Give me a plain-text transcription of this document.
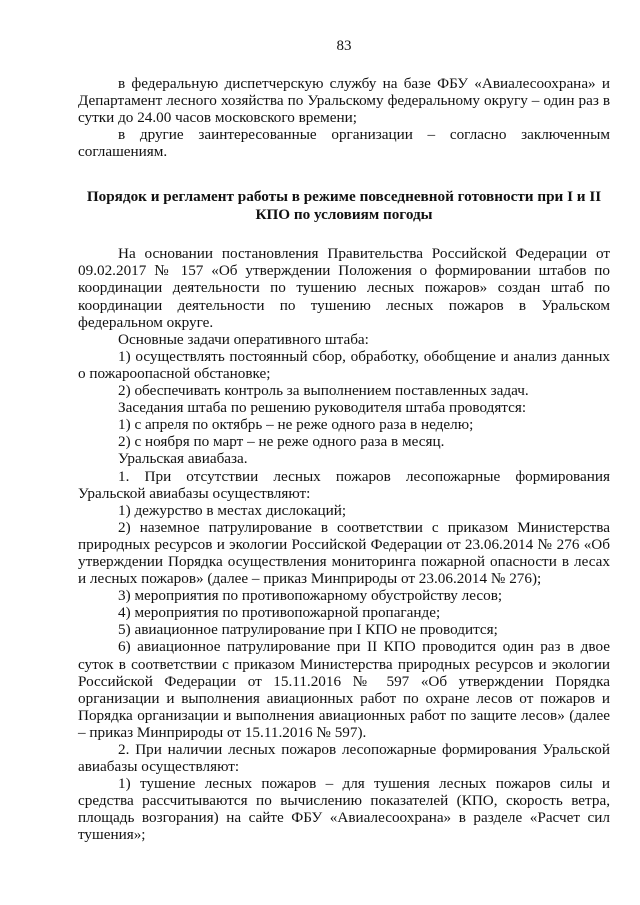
83

в федеральную диспетчерскую службу на базе ФБУ «Авиалесоохрана» и Департамент лесного хозяйства по Уральскому федеральному округу – один раз в сутки до 24.00 часов московского времени;

в другие заинтересованные организации – согласно заключенным соглашениям.

Порядок и регламент работы в режиме повседневной готовности при I и II КПО по условиям погоды

На основании постановления Правительства Российской Федерации от 09.02.2017 № 157 «Об утверждении Положения о формировании штабов по координации деятельности по тушению лесных пожаров» создан штаб по координации деятельности по тушению лесных пожаров в Уральском федеральном округе.

Основные задачи оперативного штаба:

1) осуществлять постоянный сбор, обработку, обобщение и анализ данных о пожароопасной обстановке;

2) обеспечивать контроль за выполнением поставленных задач.

Заседания штаба по решению руководителя штаба проводятся:

1) с апреля по октябрь – не реже одного раза в неделю;

2) с ноября по март – не реже одного раза в месяц.

Уральская авиабаза.

1. При отсутствии лесных пожаров лесопожарные формирования Уральской авиабазы осуществляют:

1) дежурство в местах дислокаций;

2) наземное патрулирование в соответствии с приказом Министерства природных ресурсов и экологии Российской Федерации от 23.06.2014 № 276 «Об утверждении Порядка осуществления мониторинга пожарной опасности в лесах и лесных пожаров» (далее – приказ Минприроды от 23.06.2014 № 276);

3) мероприятия по противопожарному обустройству лесов;

4) мероприятия по противопожарной пропаганде;

5) авиационное патрулирование при I КПО не проводится;

6) авиационное патрулирование при II КПО проводится один раз в двое суток в соответствии с приказом Министерства природных ресурсов и экологии Российской Федерации от 15.11.2016 № 597 «Об утверждении Порядка организации и выполнения авиационных работ по охране лесов от пожаров и Порядка организации и выполнения авиационных работ по защите лесов» (далее – приказ Минприроды от 15.11.2016 № 597).

2. При наличии лесных пожаров лесопожарные формирования Уральской авиабазы осуществляют:

1) тушение лесных пожаров – для тушения лесных пожаров силы и средства рассчитываются по вычислению показателей (КПО, скорость ветра, площадь возгорания) на сайте ФБУ «Авиалесоохрана» в разделе «Расчет сил тушения»;
